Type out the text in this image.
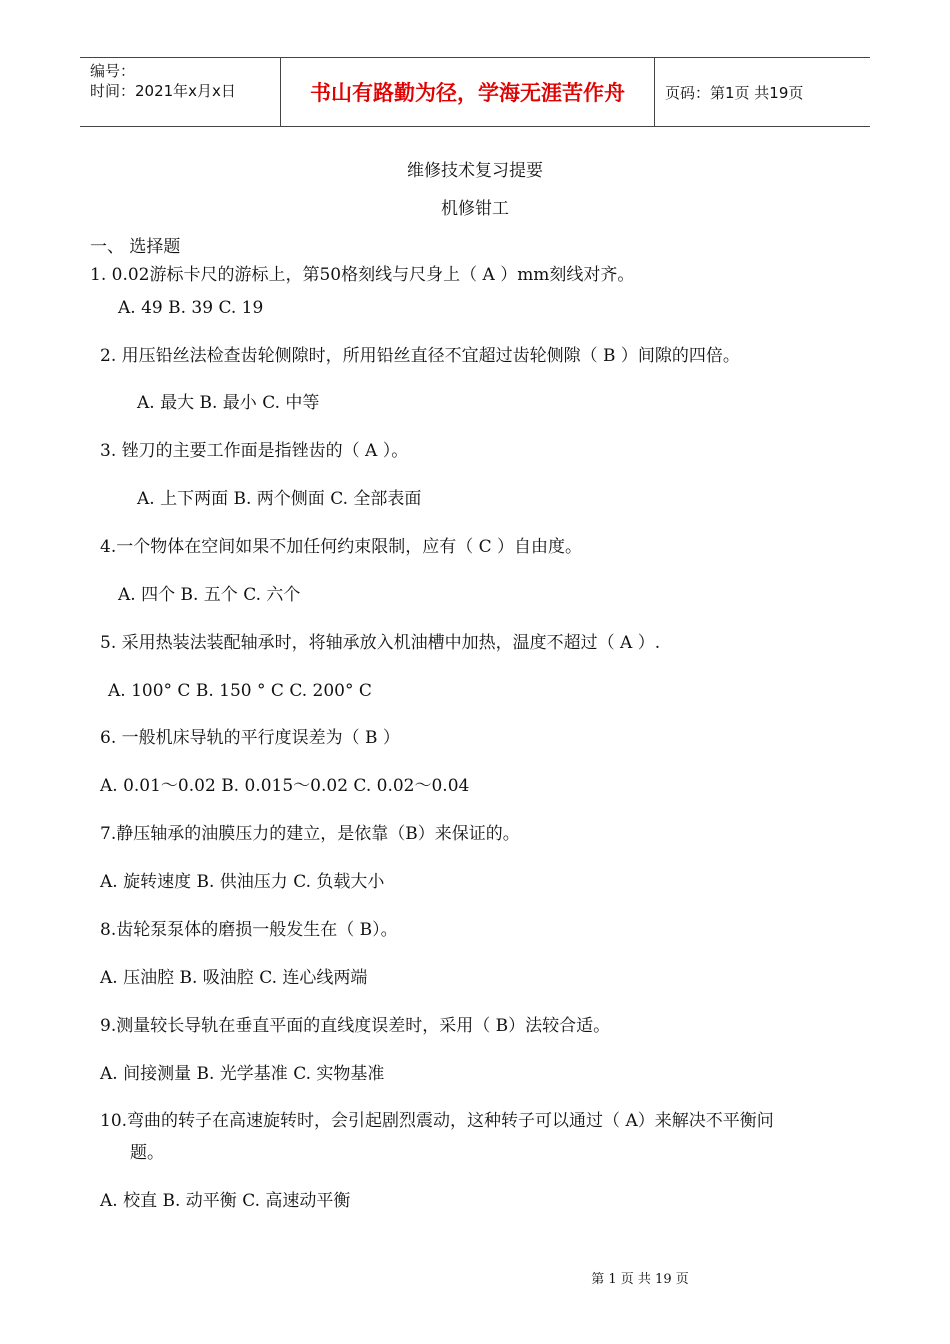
编号：
时间：2021年x月x日	书山有路勤为径，学海无涯苦作舟	页码：第1页 共19页
维修技术复习提要
机修钳工
一、 选择题
1. 0.02游标卡尺的游标上，第50格刻线与尺身上（ A ）mm刻线对齐。
A. 49 B. 39 C. 19
2. 用压铅丝法检查齿轮侧隙时，所用铅丝直径不宜超过齿轮侧隙（ B ）间隙的四倍。
A. 最大 B. 最小 C. 中等
3. 锉刀的主要工作面是指锉齿的（ A ）。
A. 上下两面 B. 两个侧面 C. 全部表面
4.一个物体在空间如果不加任何约束限制，应有（ C ）自由度。
A. 四个 B. 五个 C. 六个
5. 采用热装法装配轴承时，将轴承放入机油槽中加热，温度不超过（ A ）.
A. 100° C B. 150 ° C C. 200° C
6. 一般机床导轨的平行度误差为（ B ）
A. 0.01～0.02 B. 0.015～0.02 C. 0.02～0.04
7.静压轴承的油膜压力的建立，是依靠（B）来保证的。
A. 旋转速度 B. 供油压力 C. 负载大小
8.齿轮泵泵体的磨损一般发生在（ B）。
A. 压油腔 B. 吸油腔 C. 连心线两端
9.测量较长导轨在垂直平面的直线度误差时，采用（ B）法较合适。
A. 间接测量 B. 光学基准 C. 实物基准
10.弯曲的转子在高速旋转时，会引起剧烈震动，这种转子可以通过（ A）来解决不平衡问
题。
A. 校直 B. 动平衡 C. 高速动平衡
第 1 页 共 19 页
